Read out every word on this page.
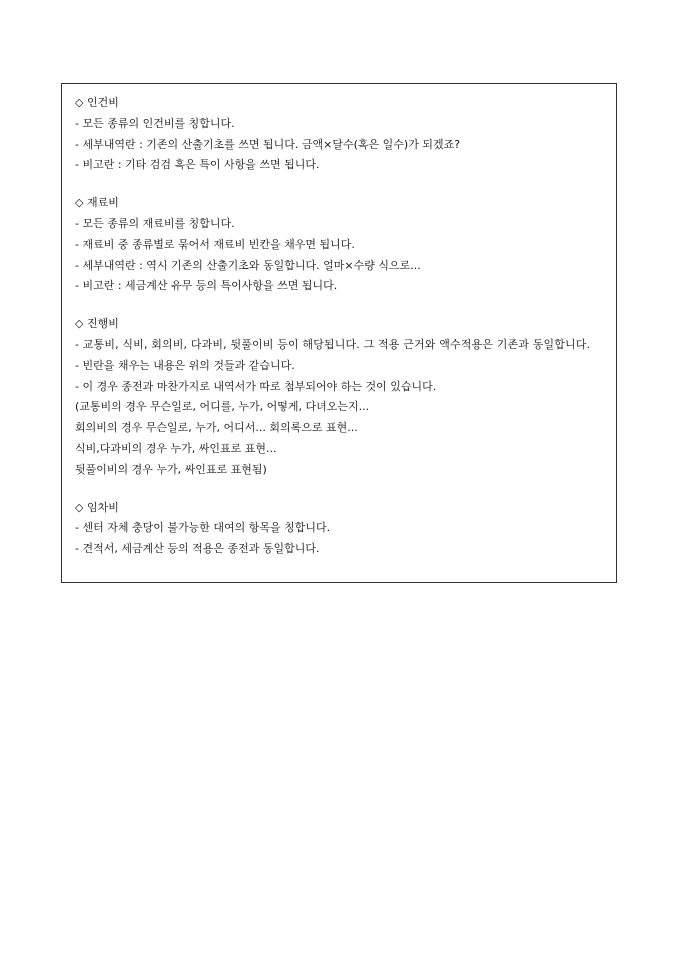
◇ 인건비
- 모든 종류의 인건비를 칭합니다.
- 세부내역란 : 기존의 산출기초를 쓰면 됩니다. 금액×달수(혹은 일수)가 되겠죠?
- 비고란 : 기타 검검 혹은 특이 사항을 쓰면 됩니다.
◇ 재료비
- 모든 종류의 재료비를 칭합니다.
- 재료비 중 종류별로 묶어서 재료비 빈칸을 채우면 됩니다.
- 세부내역란 : 역시 기존의 산출기초와 동일합니다. 얼마×수량 식으로...
- 비고란 : 세금계산 유무 등의 특이사항을 쓰면 됩니다.
◇ 진행비
- 교통비, 식비, 회의비, 다과비, 뒷풀이비 등이 해당됩니다. 그 적용 근거와 액수적용은 기존과 동일합니다.
- 빈란을 채우는 내용은 위의 것들과 같습니다.
- 이 경우 종전과 마찬가지로 내역서가 따로 첨부되어야 하는 것이 있습니다.
(교통비의 경우 무슨일로, 어디를, 누가, 어떻게, 다녀오는지...
회의비의 경우 무슨일로, 누가, 어디서... 회의록으로 표현...
식비,다과비의 경우 누가, 싸인표로 표현...
뒷풀이비의 경우 누가, 싸인표로 표현됨)
◇ 임차비
- 센터 자체 충당이 불가능한 대여의 항목을 칭합니다.
- 견적서, 세금계산 등의 적용은 종전과 동일합니다.
